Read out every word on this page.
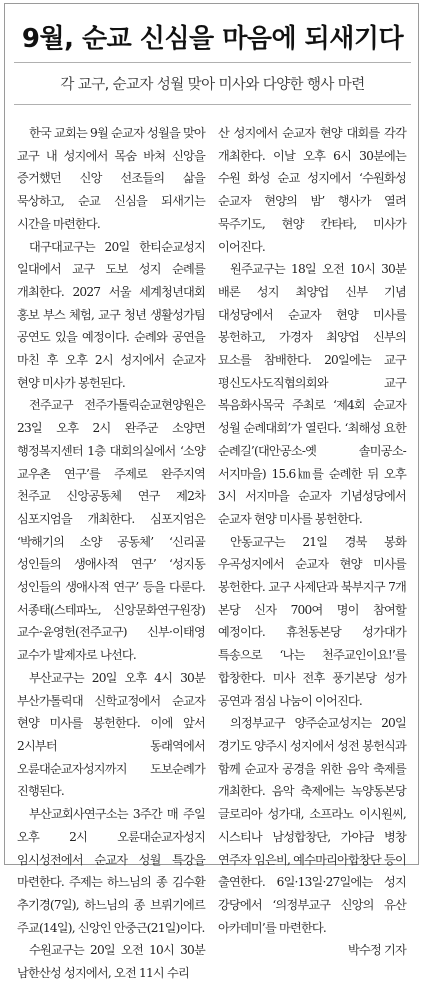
9월, 순교 신심을 마음에 되새기다
각 교구, 순교자 성월 맞아 미사와 다양한 행사 마련

한국 교회는 9월 순교자 성월을 맞아 교구 내 성지에서 목숨 바쳐 신앙을 증거했던 신앙 선조들의 삶을 묵상하고, 순교 신심을 되새기는 시간을 마련한다.

대구대교구는 20일 한티순교성지 일대에서 교구 도보 성지 순례를 개최한다. 2027 서울 세계청년대회 홍보 부스 체험, 교구 청년 생활성가팀 공연도 있을 예정이다. 순례와 공연을 마친 후 오후 2시 성지에서 순교자 현양 미사가 봉헌된다.

전주교구 전주가톨릭순교현양원은 23일 오후 2시 완주군 소양면 행정복지센터 1층 대회의실에서 ‘소양 교우촌 연구’를 주제로 완주지역 천주교 신앙공동체 연구 제2차 심포지엄을 개최한다. 심포지엄은 ‘박해기의 소양 공동체’ ‘신리골 성인들의 생애사적 연구’ ‘성지동 성인들의 생애사적 연구’ 등을 다룬다. 서종태(스테파노, 신앙문화연구원장) 교수·윤영헌(전주교구) 신부·이태영 교수가 발제자로 나선다.

부산교구는 20일 오후 4시 30분 부산가톨릭대 신학교정에서 순교자 현양 미사를 봉헌한다. 이에 앞서 2시부터 동래역에서 오륜대순교자성지까지 도보순례가 진행된다.

부산교회사연구소는 3주간 매 주일 오후 2시 오륜대순교자성지 임시성전에서 순교자 성월 특강을 마련한다. 주제는 하느님의 종 김수환 추기경(7일), 하느님의 종 브뤼기에르 주교(14일), 신앙인 안중근(21일)이다.

수원교구는 20일 오전 10시 30분 남한산성 성지에서, 오전 11시 수리

산 성지에서 순교자 현양 대회를 각각 개최한다. 이날 오후 6시 30분에는 수원 화성 순교 성지에서 ‘수원화성 순교자 현양의 밤’ 행사가 열려 묵주기도, 현양 칸타타, 미사가 이어진다.

원주교구는 18일 오전 10시 30분 배론 성지 최양업 신부 기념 대성당에서 순교자 현양 미사를 봉헌하고, 가경자 최양업 신부의 묘소를 참배한다. 20일에는 교구 평신도사도직협의회와 교구 복음화사목국 주최로 ‘제4회 순교자 성월 순례대회’가 열린다. ‘최해성 요한 순례길’(대안공소-옛 솔미공소-서지마을) 15.6㎞를 순례한 뒤 오후 3시 서지마을 순교자 기념성당에서 순교자 현양 미사를 봉헌한다.

안동교구는 21일 경북 봉화 우곡성지에서 순교자 현양 미사를 봉헌한다. 교구 사제단과 북부지구 7개 본당 신자 700여 명이 참여할 예정이다. 휴천동본당 성가대가 특송으로 ‘나는 천주교인이요!’를 합창한다. 미사 전후 풍기본당 성가 공연과 점심 나눔이 이어진다.

의정부교구 양주순교성지는 20일 경기도 양주시 성지에서 성전 봉헌식과 함께 순교자 공경을 위한 음악 축제를 개최한다. 음악 축제에는 녹양동본당 글로리아 성가대, 소프라노 이시원씨, 시스티나 남성합창단, 가야금 병창 연주자 임은비, 예수마리아합창단 등이 출연한다. 6일·13일·27일에는 성지 강당에서 ‘의정부교구 신앙의 유산 아카데미’를 마련한다.

박수정 기자
